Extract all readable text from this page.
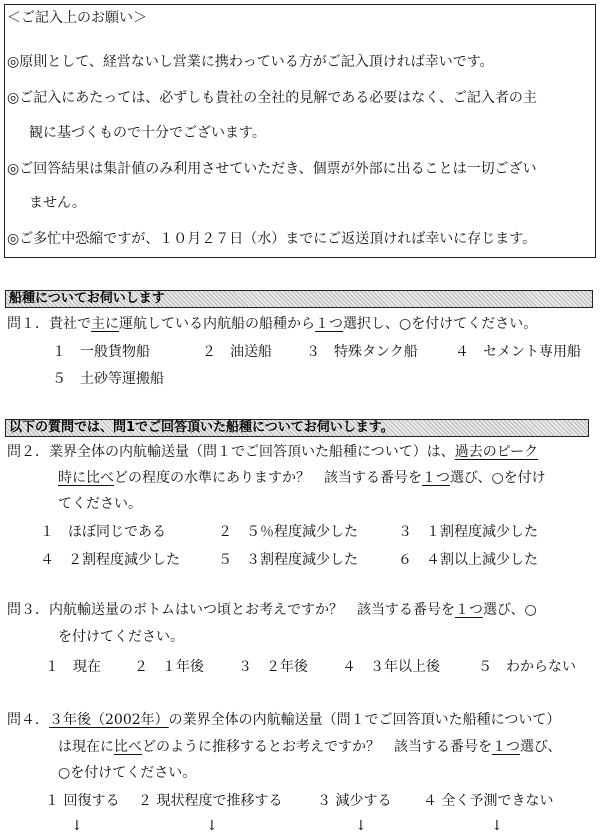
＜ご記入上のお願い＞
◎原則として、経営ないし営業に携わっている方がご記入頂ければ幸いです。
◎ご記入にあたっては、必ずしも貴社の全社的見解である必要はなく、ご記入者の主
観に基づくもので十分でございます。
◎ご回答結果は集計値のみ利用させていただき、個票が外部に出ることは一切ござい
ません。
◎ご多忙中恐縮ですが、１０月２７日（水）までにご返送頂ければ幸いに存じます。
船種についてお伺いします
問１．貴社で主に運航している内航船の船種から１つ選択し、○を付けてください。
１　一般貨物船	２　油送船 ３　特殊タンク船	４　セメント専用船
５　土砂等運搬船
以下の質問では、問1でご回答頂いた船種についてお伺いします。
問２．業界全体の内航輸送量（問１でご回答頂いた船種について）は、過去のピーク
時に比べどの程度の水準にありますか？　該当する番号を１つ選び、○を付け
てください。
１　ほぼ同じである	２　５％程度減少した	３　１割程度減少した
４　２割程度減少した	５　３割程度減少した	６　４割以上減少した
問３．内航輸送量のボトムはいつ頃とお考えですか？　該当する番号を１つ選び、○
を付けてください。
１　現在 ２　１年後 ３　２年後 ４　３年以上後	５　わからない
問４．３年後（2002年）の業界全体の内航輸送量（問１でご回答頂いた船種について）
は現在に比べどのように推移するとお考えですか？　該当する番号を１つ選び、
○を付けてください。
１ 回復する ２ 現状程度で推移する ３ 減少する ４ 全く予測できない
↓	↓	↓	↓
